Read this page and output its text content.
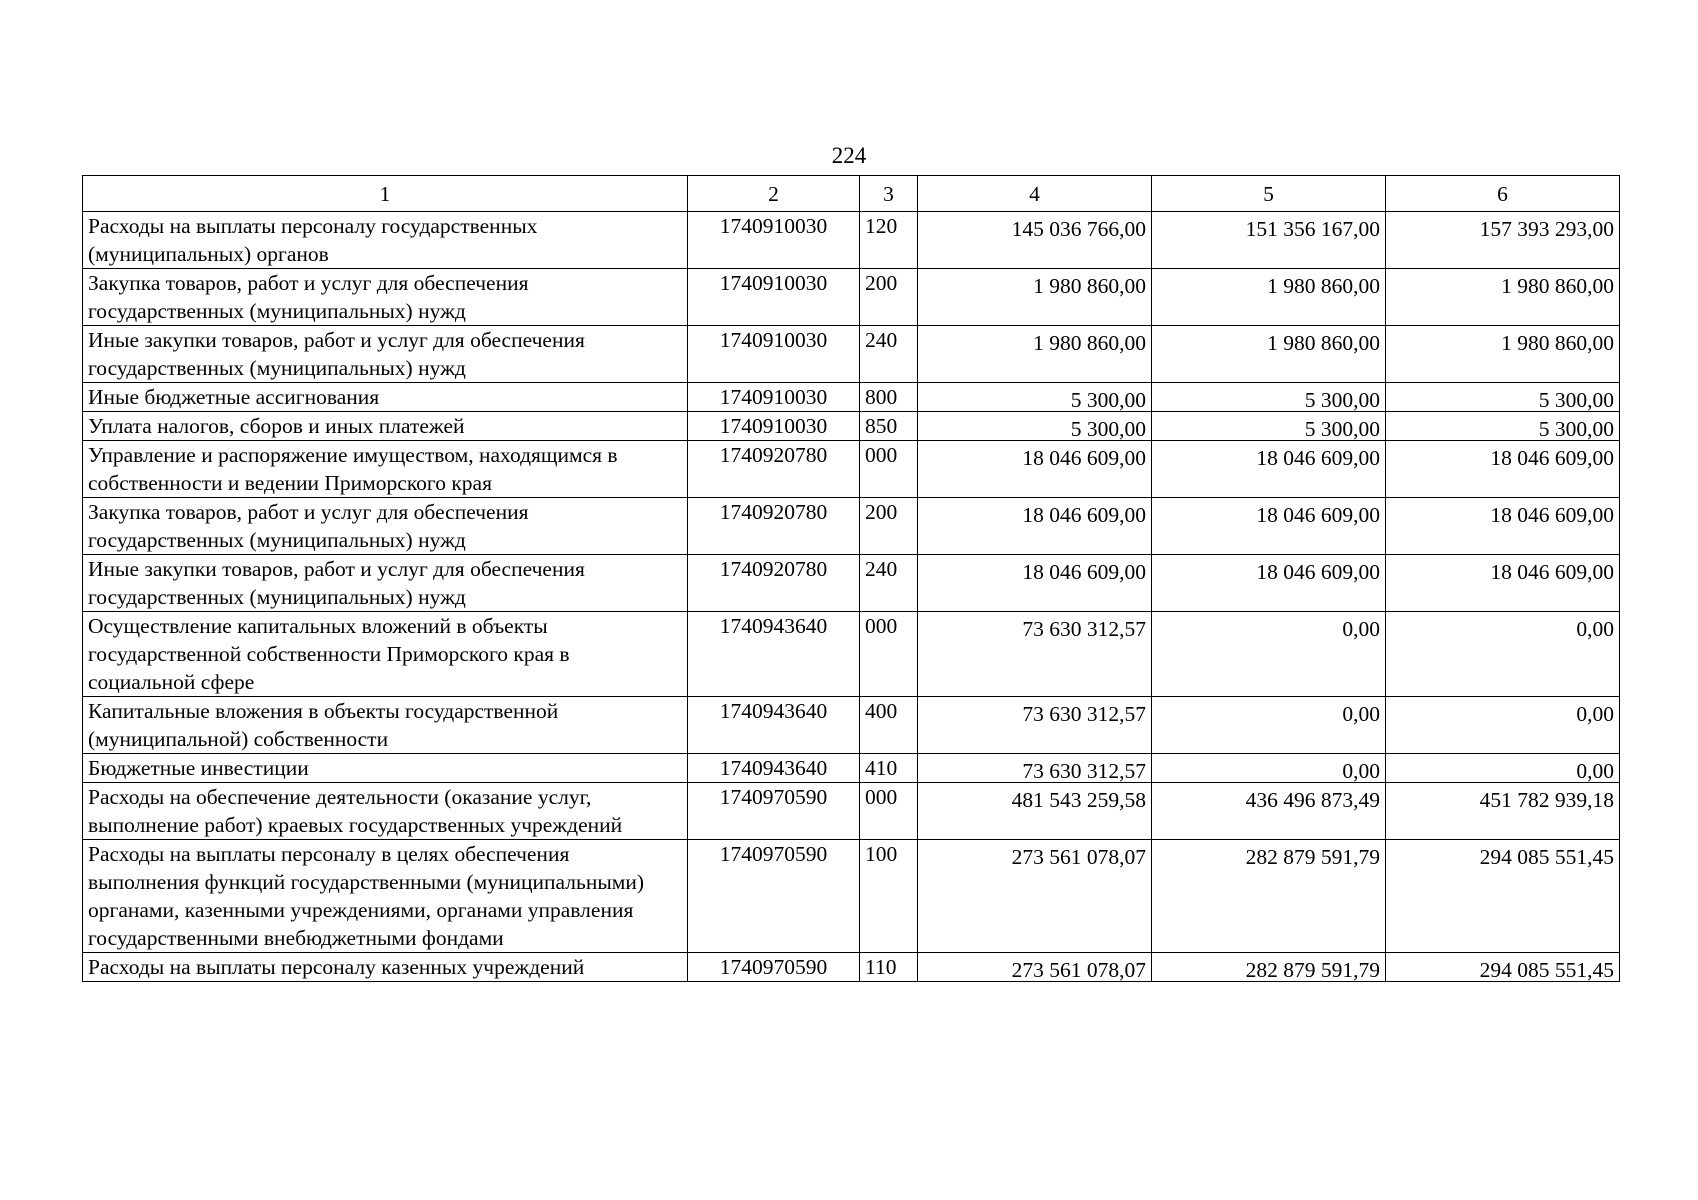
224
1	2	3	4	5	6
Расходы на выплаты персоналу государственных (муниципальных) органов	1740910030	120	145 036 766,00	151 356 167,00	157 393 293,00
Закупка товаров, работ и услуг для обеспечения государственных (муниципальных) нужд	1740910030	200	1 980 860,00	1 980 860,00	1 980 860,00
Иные закупки товаров, работ и услуг для обеспечения государственных (муниципальных) нужд	1740910030	240	1 980 860,00	1 980 860,00	1 980 860,00
Иные бюджетные ассигнования	1740910030	800	5 300,00	5 300,00	5 300,00
Уплата налогов, сборов и иных платежей	1740910030	850	5 300,00	5 300,00	5 300,00
Управление и распоряжение имуществом, находящимся в собственности и ведении Приморского края	1740920780	000	18 046 609,00	18 046 609,00	18 046 609,00
Закупка товаров, работ и услуг для обеспечения государственных (муниципальных) нужд	1740920780	200	18 046 609,00	18 046 609,00	18 046 609,00
Иные закупки товаров, работ и услуг для обеспечения государственных (муниципальных) нужд	1740920780	240	18 046 609,00	18 046 609,00	18 046 609,00
Осуществление капитальных вложений в объекты государственной собственности Приморского края в социальной сфере	1740943640	000	73 630 312,57	0,00	0,00
Капитальные вложения в объекты государственной (муниципальной) собственности	1740943640	400	73 630 312,57	0,00	0,00
Бюджетные инвестиции	1740943640	410	73 630 312,57	0,00	0,00
Расходы на обеспечение деятельности (оказание услуг, выполнение работ) краевых государственных учреждений	1740970590	000	481 543 259,58	436 496 873,49	451 782 939,18
Расходы на выплаты персоналу в целях обеспечения выполнения функций государственными (муниципальными) органами, казенными учреждениями, органами управления государственными внебюджетными фондами	1740970590	100	273 561 078,07	282 879 591,79	294 085 551,45
Расходы на выплаты персоналу казенных учреждений	1740970590	110	273 561 078,07	282 879 591,79	294 085 551,45
